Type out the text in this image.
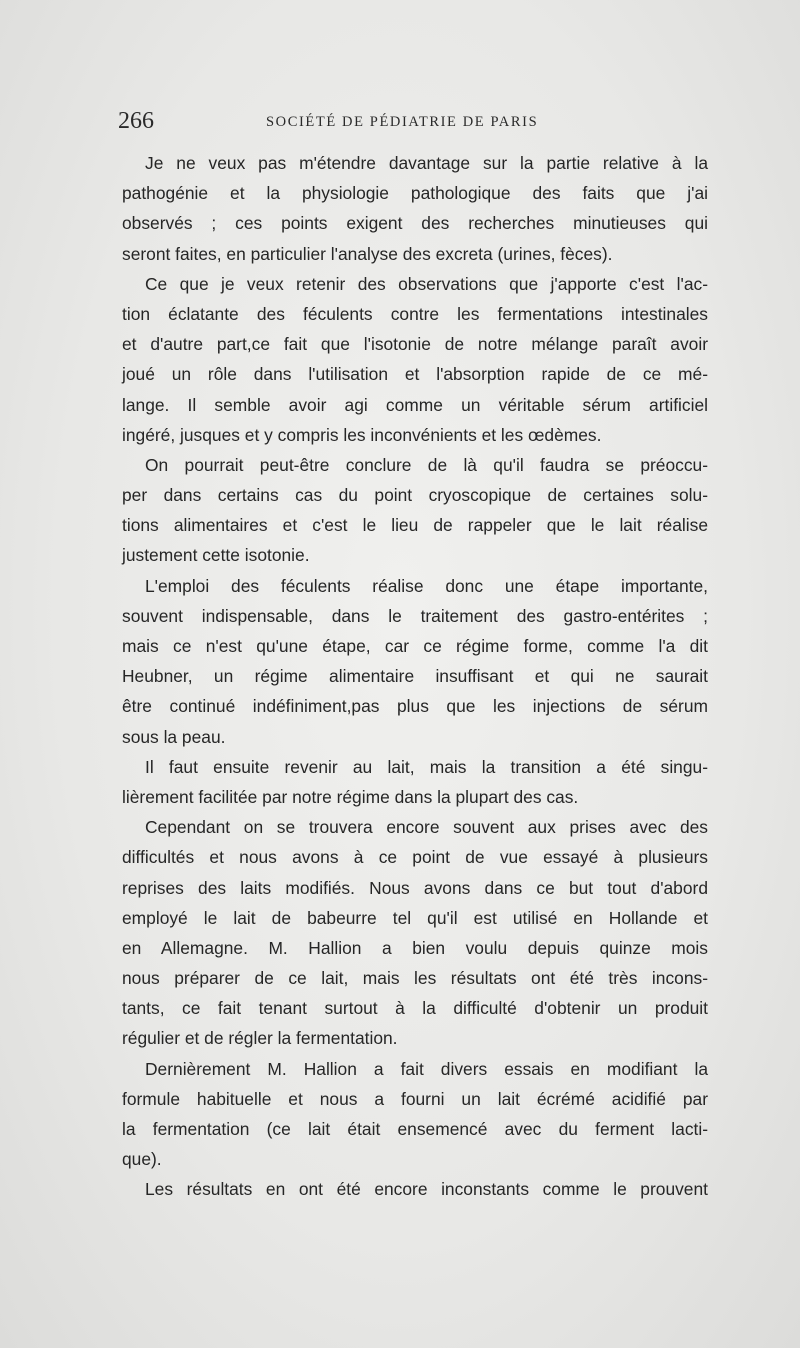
266	SOCIÉTÉ DE PÉDIATRIE DE PARIS
Je ne veux pas m'étendre davantage sur la partie relative à la
pathogénie et la physiologie pathologique des faits que j'ai
observés ; ces points exigent des recherches minutieuses qui
seront faites, en particulier l'analyse des excreta (urines, fèces).
Ce que je veux retenir des observations que j'apporte c'est l'ac-
tion éclatante des féculents contre les fermentations intestinales
et d'autre part,ce fait que l'isotonie de notre mélange paraît avoir
joué un rôle dans l'utilisation et l'absorption rapide de ce mé-
lange. Il semble avoir agi comme un véritable sérum artificiel
ingéré, jusques et y compris les inconvénients et les œdèmes.
On pourrait peut-être conclure de là qu'il faudra se préoccu-
per dans certains cas du point cryoscopique de certaines solu-
tions alimentaires et c'est le lieu de rappeler que le lait réalise
justement cette isotonie.
L'emploi des féculents réalise donc une étape importante,
souvent indispensable, dans le traitement des gastro-entérites ;
mais ce n'est qu'une étape, car ce régime forme, comme l'a dit
Heubner, un régime alimentaire insuffisant et qui ne saurait
être continué indéfiniment,pas plus que les injections de sérum
sous la peau.
Il faut ensuite revenir au lait, mais la transition a été singu-
lièrement facilitée par notre régime dans la plupart des cas.
Cependant on se trouvera encore souvent aux prises avec des
difficultés et nous avons à ce point de vue essayé à plusieurs
reprises des laits modifiés. Nous avons dans ce but tout d'abord
employé le lait de babeurre tel qu'il est utilisé en Hollande et
en Allemagne. M. Hallion a bien voulu depuis quinze mois
nous préparer de ce lait, mais les résultats ont été très incons-
tants, ce fait tenant surtout à la difficulté d'obtenir un produit
régulier et de régler la fermentation.
Dernièrement M. Hallion a fait divers essais en modifiant la
formule habituelle et nous a fourni un lait écrémé acidifié par
la fermentation (ce lait était ensemencé avec du ferment lacti-
que).
Les résultats en ont été encore inconstants comme le prouvent
